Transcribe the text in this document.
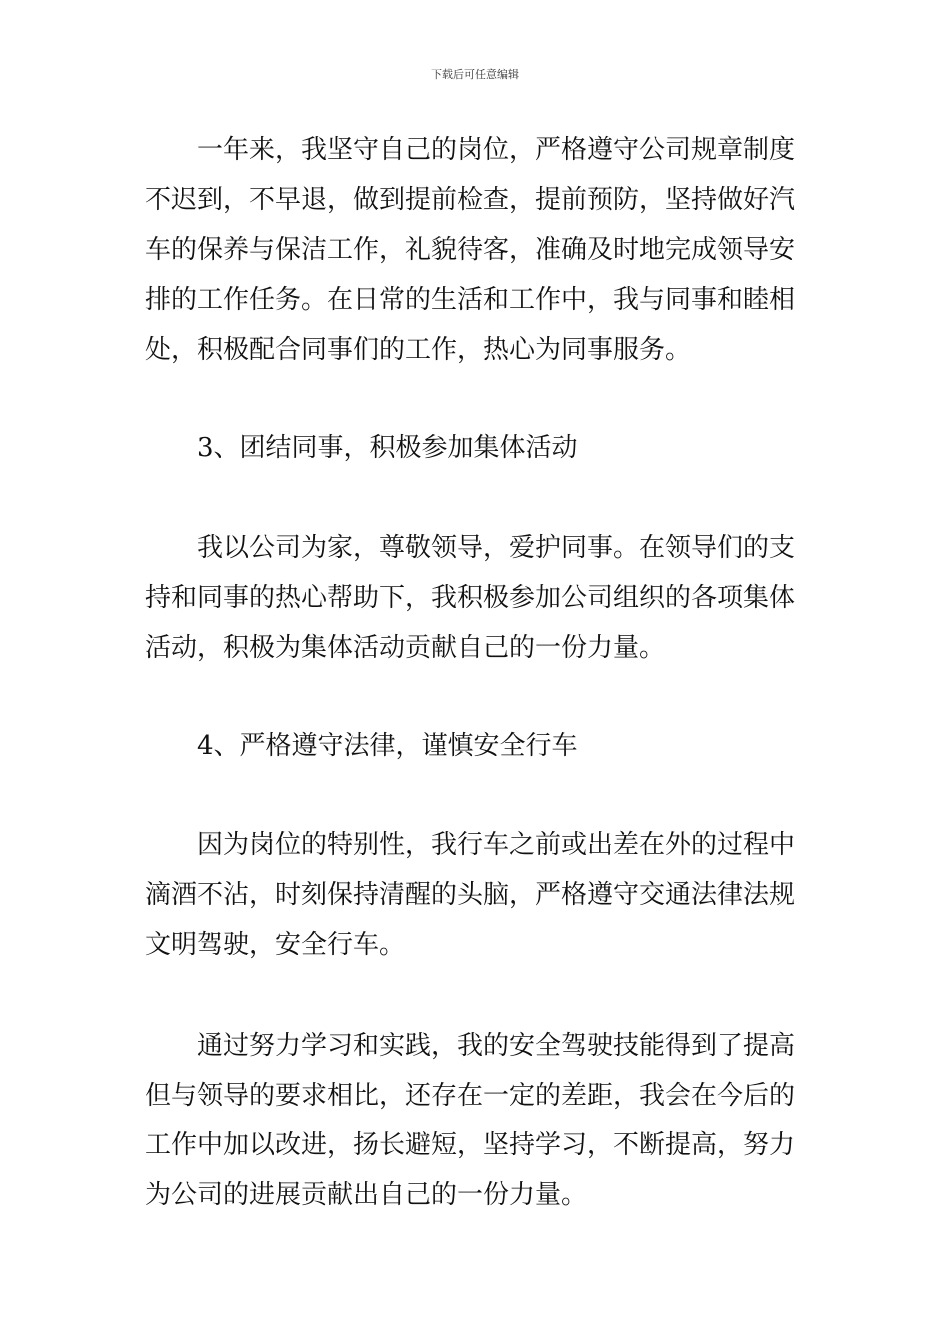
下载后可任意编辑
　　一年来，我坚守自己的岗位，严格遵守公司规章制度
不迟到，不早退，做到提前检查，提前预防，坚持做好汽
车的保养与保洁工作，礼貌待客，准确及时地完成领导安
排的工作任务。在日常的生活和工作中，我与同事和睦相
处，积极配合同事们的工作，热心为同事服务。
　　3、团结同事，积极参加集体活动
　　我以公司为家，尊敬领导，爱护同事。在领导们的支
持和同事的热心帮助下，我积极参加公司组织的各项集体
活动，积极为集体活动贡献自己的一份力量。
　　4、严格遵守法律，谨慎安全行车
　　因为岗位的特别性，我行车之前或出差在外的过程中
滴酒不沾，时刻保持清醒的头脑，严格遵守交通法律法规
文明驾驶，安全行车。
　　通过努力学习和实践，我的安全驾驶技能得到了提高
但与领导的要求相比，还存在一定的差距，我会在今后的
工作中加以改进，扬长避短，坚持学习，不断提高，努力
为公司的进展贡献出自己的一份力量。
